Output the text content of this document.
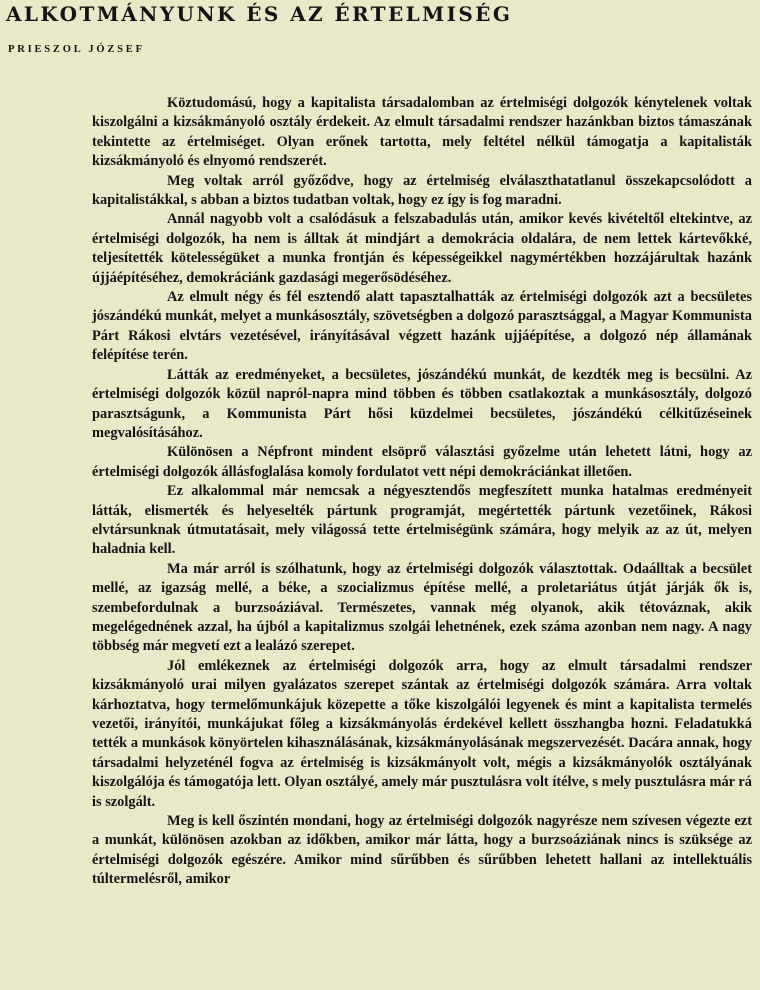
ALKOTMÁNYUNK ÉS AZ ÉRTELMISÉG
PRIESZOL JÓZSEF

Köztudomású, hogy a kapitalista társadalomban az értelmiségi dolgozók kénytelenek voltak kiszolgálni a kizsákmányoló osztály érdekeit. Az elmult társadalmi rendszer hazánkban biztos támaszának tekintette az értelmiséget. Olyan erőnek tartotta, mely feltétel nélkül támogatja a kapitalisták kizsákmányoló és elnyomó rendszerét.

Meg voltak arról győződve, hogy az értelmiség elválaszthatatlanul összekapcsolódott a kapitalistákkal, s abban a biztos tudatban voltak, hogy ez így is fog maradni.

Annál nagyobb volt a csalódásuk a felszabadulás után, amikor kevés kivételtől eltekintve, az értelmiségi dolgozók, ha nem is álltak át mindjárt a demokrácia oldalára, de nem lettek kártevőkké, teljesítették kötelességüket a munka frontján és képességeikkel nagymértékben hozzájárultak hazánk újjáépítéséhez, demokráciánk gazdasági megerősödéséhez.

Az elmult négy és fél esztendő alatt tapasztalhatták az értelmiségi dolgozók azt a becsületes jószándékú munkát, melyet a munkásosztály, szövetségben a dolgozó parasztsággal, a Magyar Kommunista Párt Rákosi elvtárs vezetésével, irányításával végzett hazánk ujjáépítése, a dolgozó nép államának felépítése terén.

Látták az eredményeket, a becsületes, jószándékú munkát, de kezdték meg is becsülni. Az értelmiségi dolgozók közül napról-napra mind többen és többen csatlakoztak a munkásosztály, dolgozó parasztságunk, a Kommunista Párt hősi küzdelmei becsületes, jószándékú célkitűzéseinek megvalósításához.

Különösen a Népfront mindent elsöprő választási győzelme után lehetett látni, hogy az értelmiségi dolgozók állásfoglalása komoly fordulatot vett népi demokráciánkat illetően.

Ez alkalommal már nemcsak a négyesztendős megfeszített munka hatalmas eredményeit látták, elismerték és helyeselték pártunk programját, megértették pártunk vezetőinek, Rákosi elvtársunknak útmutatásait, mely világossá tette értelmiségünk számára, hogy melyik az az út, melyen haladnia kell.

Ma már arról is szólhatunk, hogy az értelmiségi dolgozók választottak. Odaálltak a becsület mellé, az igazság mellé, a béke, a szocializmus építése mellé, a proletariátus útját járják ők is, szembefordulnak a burzsoáziával. Természetes, vannak még olyanok, akik tétováznak, akik megelégednének azzal, ha újból a kapitalizmus szolgái lehetnének, ezek száma azonban nem nagy. A nagy többség már megvetí ezt a lealázó szerepet.

Jól emlékeznek az értelmiségi dolgozók arra, hogy az elmult társadalmi rendszer kizsákmányoló urai milyen gyalázatos szerepet szántak az értelmiségi dolgozók számára. Arra voltak kárhoztatva, hogy termelőmunkájuk közepette a tőke kiszolgálói legyenek és mint a kapitalista termelés vezetői, irányítói, munkájukat főleg a kizsákmányolás érdekével kellett összhangba hozni. Feladatukká tették a munkások könyörtelen kihasználásának, kizsákmányolásának megszervezését. Dacára annak, hogy társadalmi helyzeténél fogva az értelmiség is kizsákmányolt volt, mégis a kizsákmányolók osztályának kiszolgálója és támogatója lett. Olyan osztályé, amely már pusztulásra volt ítélve, s mely pusztulásra már rá is szolgált.

Meg is kell őszintén mondani, hogy az értelmiségi dolgozók nagyrésze nem szívesen végezte ezt a munkát, különösen azokban az időkben, amikor már látta, hogy a burzsoáziának nincs is szüksége az értelmiségi dolgozók egészére. Amikor mind sűrűbben és sűrűbben lehetett hallani az intellektuális túltermelésről, amikor
